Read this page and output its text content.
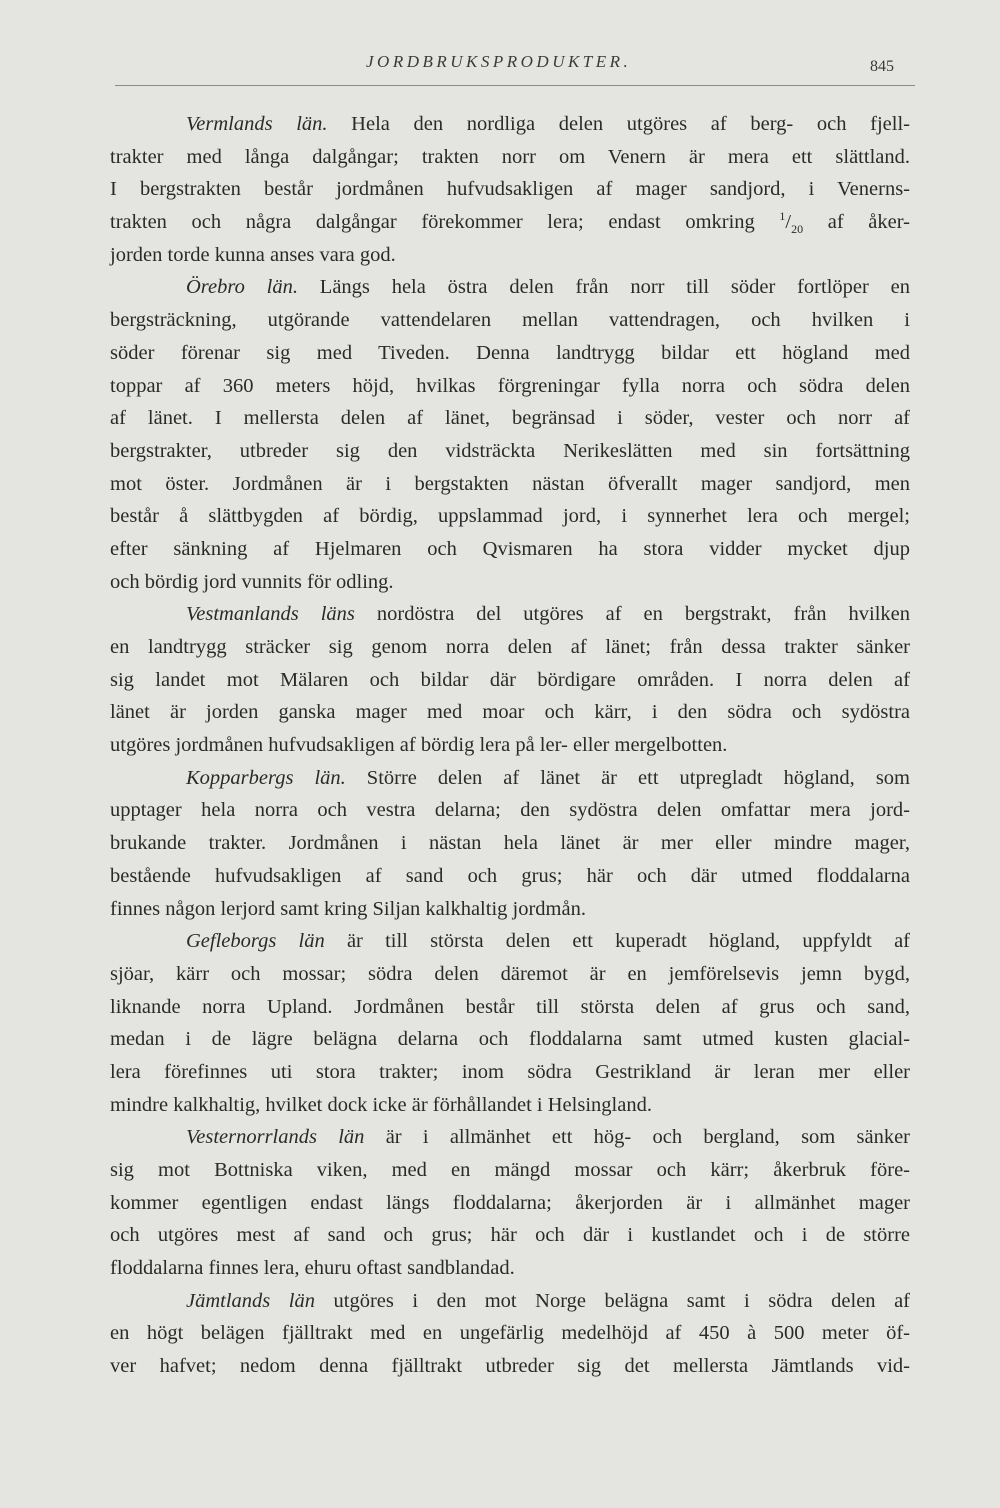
JORDBRUKSPRODUKTER.	845
Vermlands län. Hela den nordliga delen utgöres af berg- och fjell-
trakter med långa dalgångar; trakten norr om Venern är mera ett slättland.
I bergstrakten består jordmånen hufvudsakligen af mager sandjord, i Venerns-
trakten och några dalgångar förekommer lera; endast omkring $^1/_{20}$ af åker-
jorden torde kunna anses vara god.
Örebro län. Längs hela östra delen från norr till söder fortlöper en
bergsträckning, utgörande vattendelaren mellan vattendragen, och hvilken i
söder förenar sig med Tiveden. Denna landtrygg bildar ett högland med
toppar af 360 meters höjd, hvilkas förgreningar fylla norra och södra delen
af länet. I mellersta delen af länet, begränsad i söder, vester och norr af
bergstrakter, utbreder sig den vidsträckta Nerikeslätten med sin fortsättning
mot öster. Jordmånen är i bergstakten nästan öfverallt mager sandjord, men
består å slättbygden af bördig, uppslammad jord, i synnerhet lera och mergel;
efter sänkning af Hjelmaren och Qvismaren ha stora vidder mycket djup
och bördig jord vunnits för odling.
Vestmanlands läns nordöstra del utgöres af en bergstrakt, från hvilken
en landtrygg sträcker sig genom norra delen af länet; från dessa trakter sänker
sig landet mot Mälaren och bildar där bördigare områden. I norra delen af
länet är jorden ganska mager med moar och kärr, i den södra och sydöstra
utgöres jordmånen hufvudsakligen af bördig lera på ler- eller mergelbotten.
Kopparbergs län. Större delen af länet är ett utpregladt högland, som
upptager hela norra och vestra delarna; den sydöstra delen omfattar mera jord-
brukande trakter. Jordmånen i nästan hela länet är mer eller mindre mager,
bestående hufvudsakligen af sand och grus; här och där utmed floddalarna
finnes någon lerjord samt kring Siljan kalkhaltig jordmån.
Gefleborgs län är till största delen ett kuperadt högland, uppfyldt af
sjöar, kärr och mossar; södra delen däremot är en jemförelsevis jemn bygd,
liknande norra Upland. Jordmånen består till största delen af grus och sand,
medan i de lägre belägna delarna och floddalarna samt utmed kusten glacial-
lera förefinnes uti stora trakter; inom södra Gestrikland är leran mer eller
mindre kalkhaltig, hvilket dock icke är förhållandet i Helsingland.
Vesternorrlands län är i allmänhet ett hög- och bergland, som sänker
sig mot Bottniska viken, med en mängd mossar och kärr; åkerbruk före-
kommer egentligen endast längs floddalarna; åkerjorden är i allmänhet mager
och utgöres mest af sand och grus; här och där i kustlandet och i de större
floddalarna finnes lera, ehuru oftast sandblandad.
Jämtlands län utgöres i den mot Norge belägna samt i södra delen af
en högt belägen fjälltrakt med en ungefärlig medelhöjd af 450 à 500 meter öf-
ver hafvet; nedom denna fjälltrakt utbreder sig det mellersta Jämtlands vid-
